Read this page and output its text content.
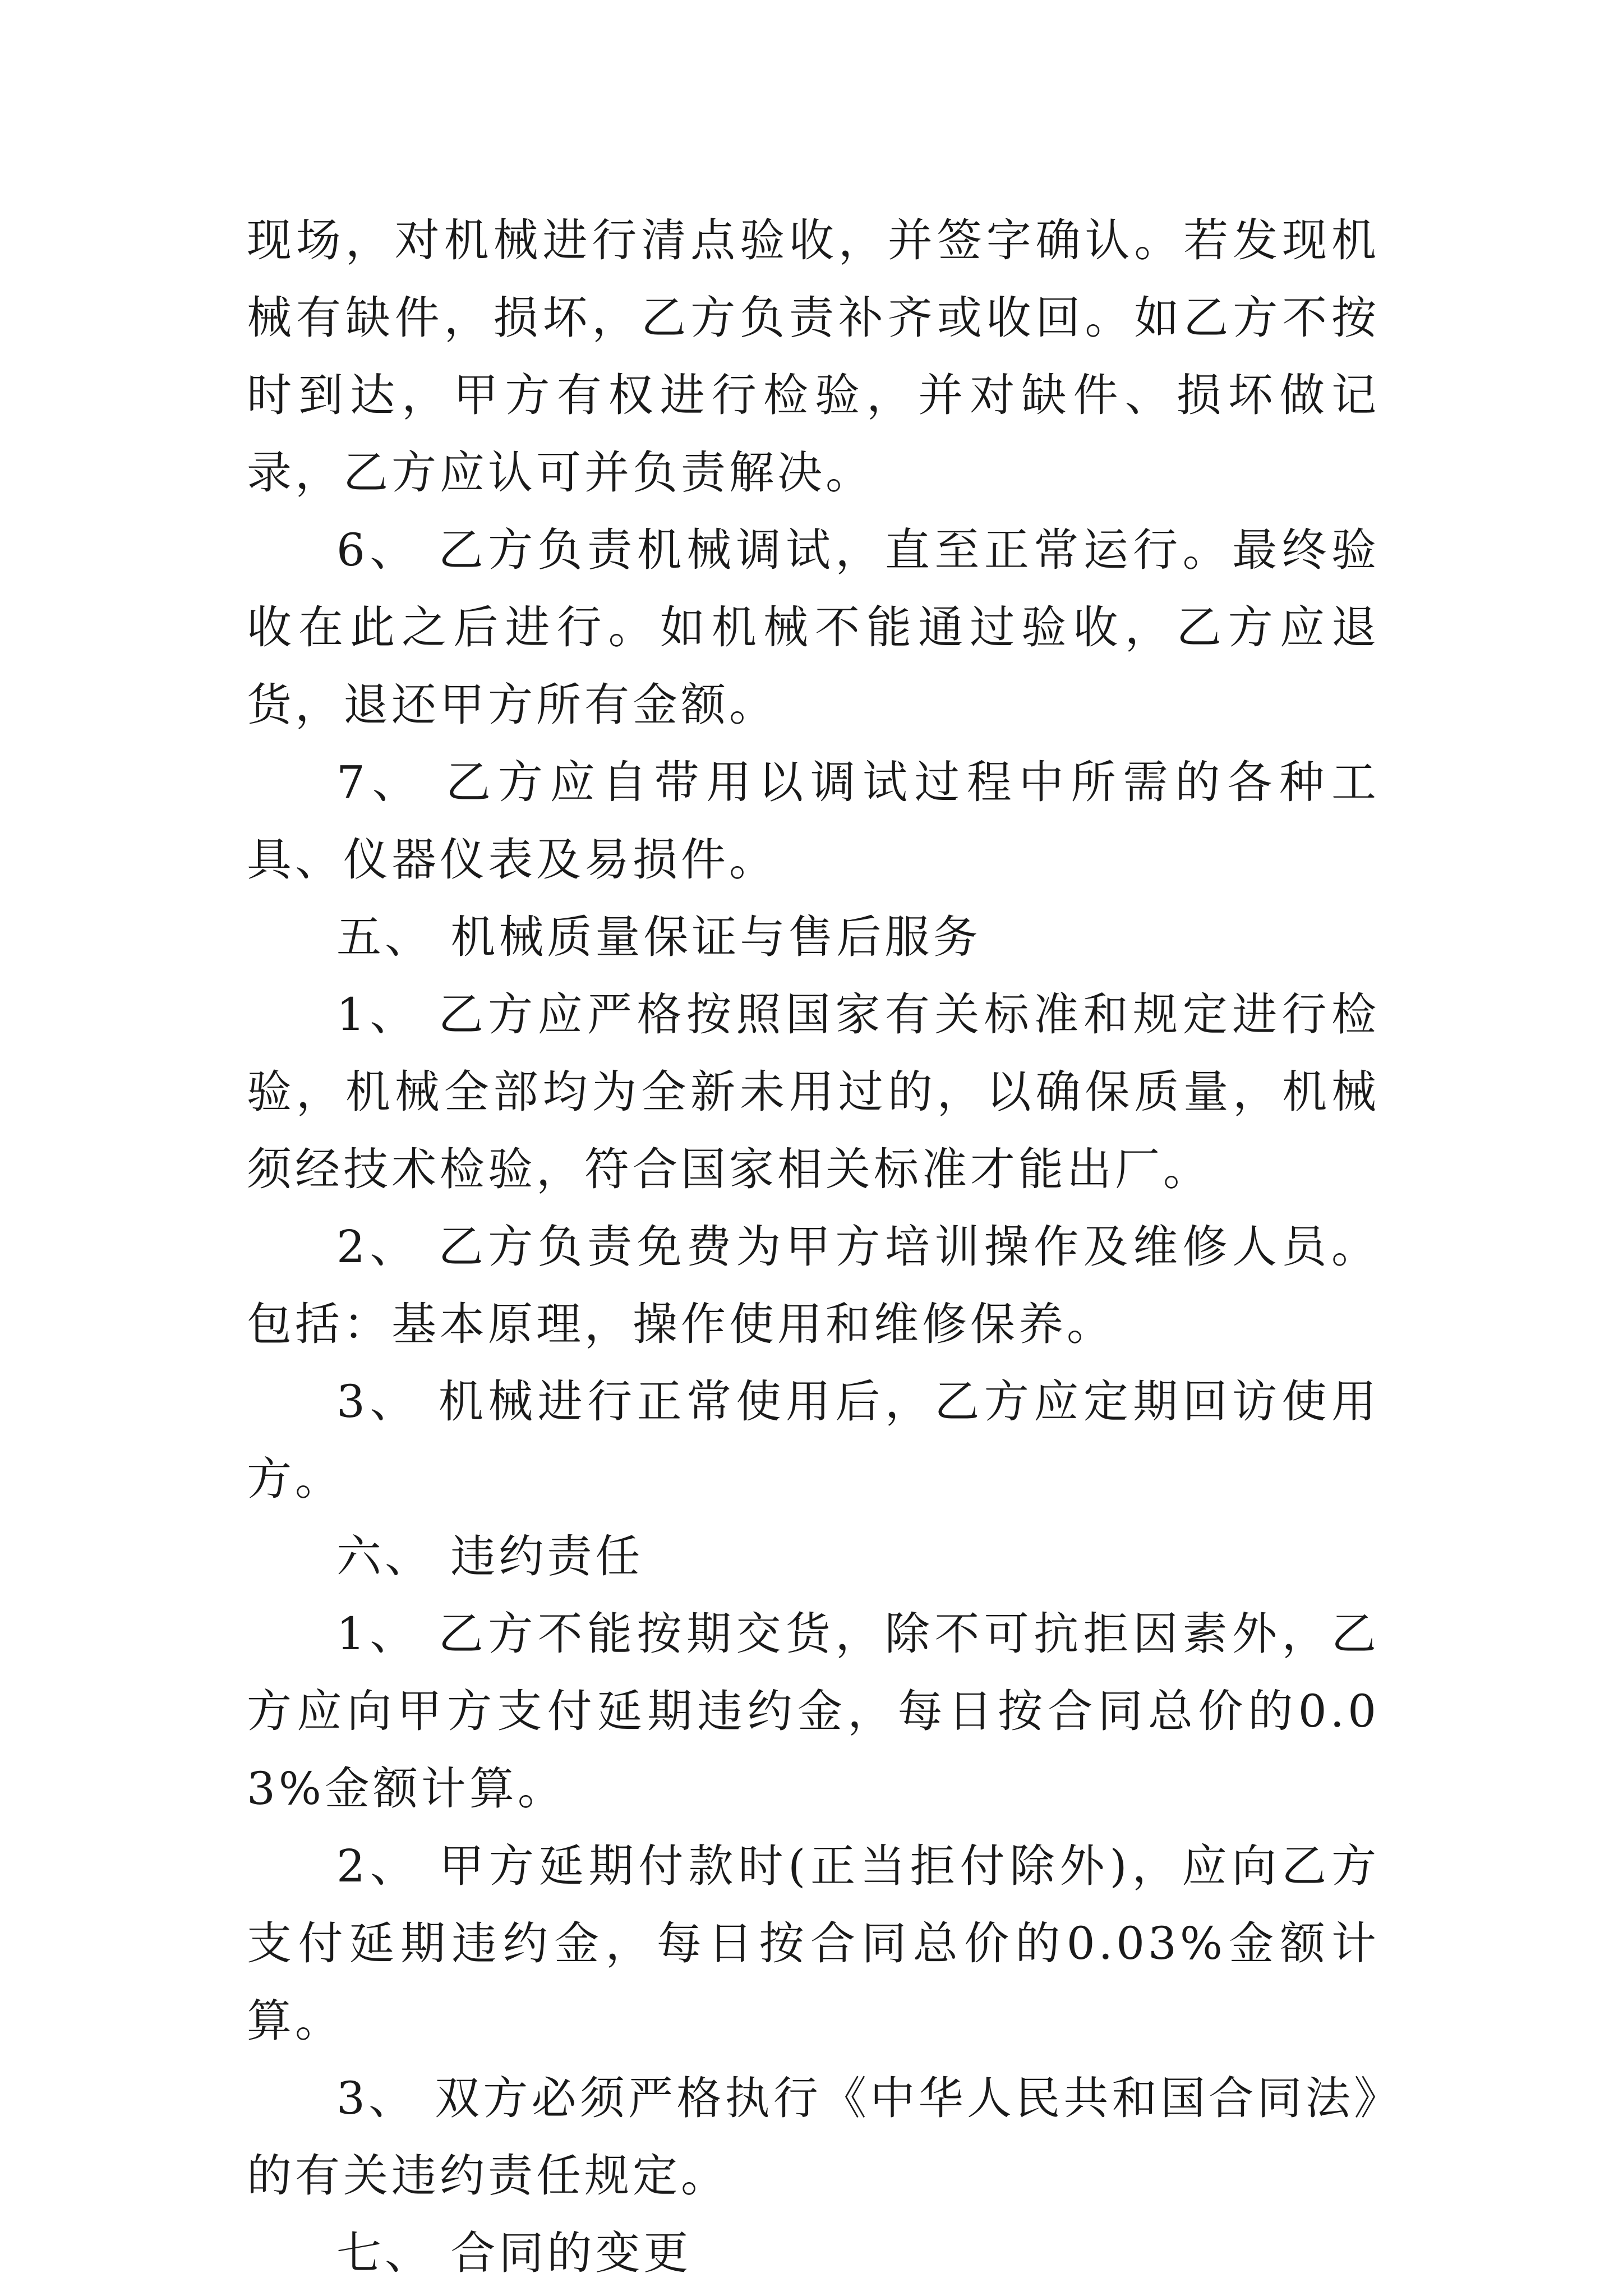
现场，对机械进行清点验收，并签字确认。若发现机械有缺件，损坏，乙方负责补齐或收回。如乙方不按时到达，甲方有权进行检验，并对缺件、损坏做记录，乙方应认可并负责解决。

6、 乙方负责机械调试，直至正常运行。最终验收在此之后进行。如机械不能通过验收，乙方应退货，退还甲方所有金额。

7、 乙方应自带用以调试过程中所需的各种工具、仪器仪表及易损件。

五、 机械质量保证与售后服务

1、 乙方应严格按照国家有关标准和规定进行检验，机械全部均为全新未用过的，以确保质量，机械须经技术检验，符合国家相关标准才能出厂。

2、 乙方负责免费为甲方培训操作及维修人员。包括：基本原理，操作使用和维修保养。

3、 机械进行正常使用后，乙方应定期回访使用方。

六、 违约责任

1、 乙方不能按期交货，除不可抗拒因素外，乙方应向甲方支付延期违约金，每日按合同总价的0.03%金额计算。

2、 甲方延期付款时(正当拒付除外)，应向乙方支付延期违约金，每日按合同总价的0.03%金额计算。

3、 双方必须严格执行《中华人民共和国合同法》的有关违约责任规定。

七、 合同的变更
